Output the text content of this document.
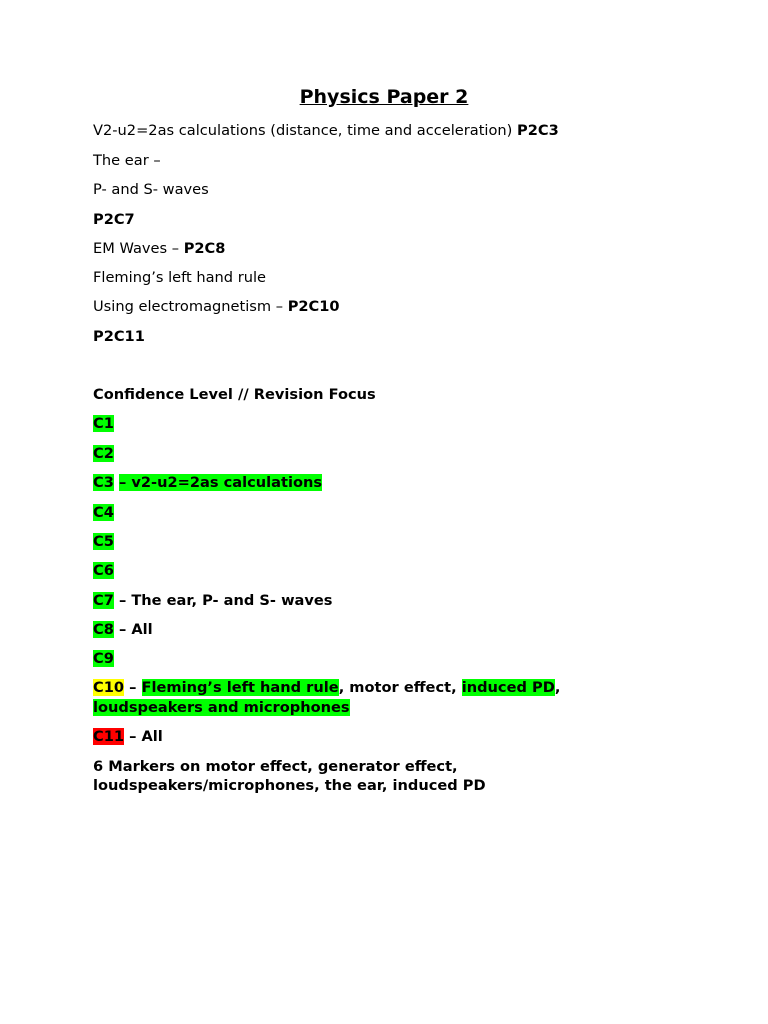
Physics Paper 2
V2-u2=2as calculations (distance, time and acceleration) P2C3
The ear –
P- and S- waves
P2C7
EM Waves – P2C8
Fleming’s left hand rule
Using electromagnetism – P2C10
P2C11
Confidence Level // Revision Focus
C1
C2
C3 – v2-u2=2as calculations
C4
C5
C6
C7 – The ear, P- and S- waves
C8 – All
C9
C10 – Fleming’s left hand rule, motor effect, induced PD,
loudspeakers and microphones
C11 – All
6 Markers on motor effect, generator effect,
loudspeakers/microphones, the ear, induced PD
